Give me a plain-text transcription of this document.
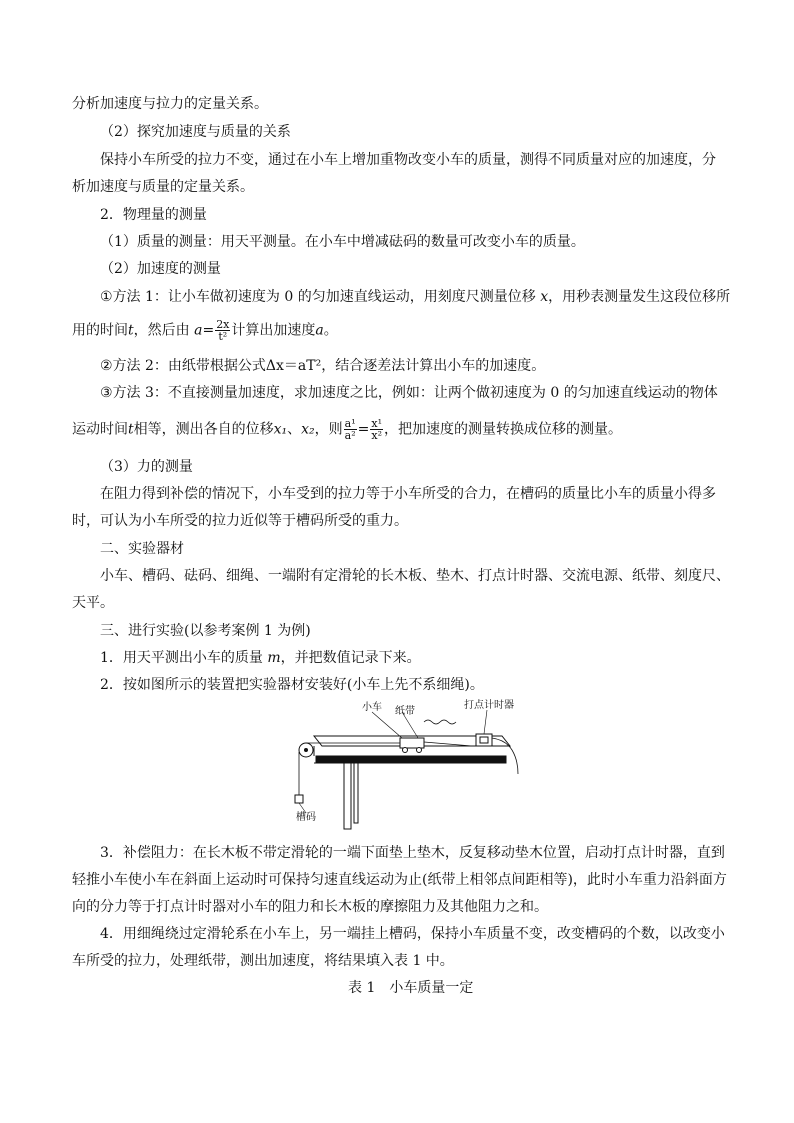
分析加速度与拉力的定量关系。
（2）探究加速度与质量的关系
保持小车所受的拉力不变，通过在小车上增加重物改变小车的质量，测得不同质量对应的加速度，分
析加速度与质量的定量关系。
2．物理量的测量
（1）质量的测量：用天平测量。在小车中增减砝码的数量可改变小车的质量。
（2）加速度的测量
①方法 1：让小车做初速度为 0 的匀加速直线运动，用刻度尺测量位移 x，用秒表测量发生这段位移所
用的时间t，然后由 $a= \frac{2x}{\text{t²}}$ 计算出加速度a。
②方法 2：由纸带根据公式Δx＝aT²，结合逐差法计算出小车的加速度。
③方法 3：不直接测量加速度，求加速度之比，例如：让两个做初速度为 0 的匀加速直线运动的物体
运动时间t相等，测出各自的位移x₁、x₂，则 $\frac{\text{a¹}}{\text{a²}} = \frac{\text{x¹}}{\text{x²}}$ ，把加速度的测量转换成位移的测量。
（3）力的测量
在阻力得到补偿的情况下，小车受到的拉力等于小车所受的合力，在槽码的质量比小车的质量小得多
时，可认为小车所受的拉力近似等于槽码所受的重力。
二、实验器材
小车、槽码、砝码、细绳、一端附有定滑轮的长木板、垫木、打点计时器、交流电源、纸带、刻度尺、
天平。
三、进行实验(以参考案例 1 为例)
1．用天平测出小车的质量 m，并把数值记录下来。
2．按如图所示的装置把实验器材安装好(小车上先不系细绳)。
小车 纸带
打点计时器
槽码
3．补偿阻力：在长木板不带定滑轮的一端下面垫上垫木，反复移动垫木位置，启动打点计时器，直到
轻推小车使小车在斜面上运动时可保持匀速直线运动为止(纸带上相邻点间距相等)，此时小车重力沿斜面方
向的分力等于打点计时器对小车的阻力和长木板的摩擦阻力及其他阻力之和。
4．用细绳绕过定滑轮系在小车上，另一端挂上槽码，保持小车质量不变，改变槽码的个数，以改变小
车所受的拉力，处理纸带，测出加速度，将结果填入表 1 中。
表 1　小车质量一定
